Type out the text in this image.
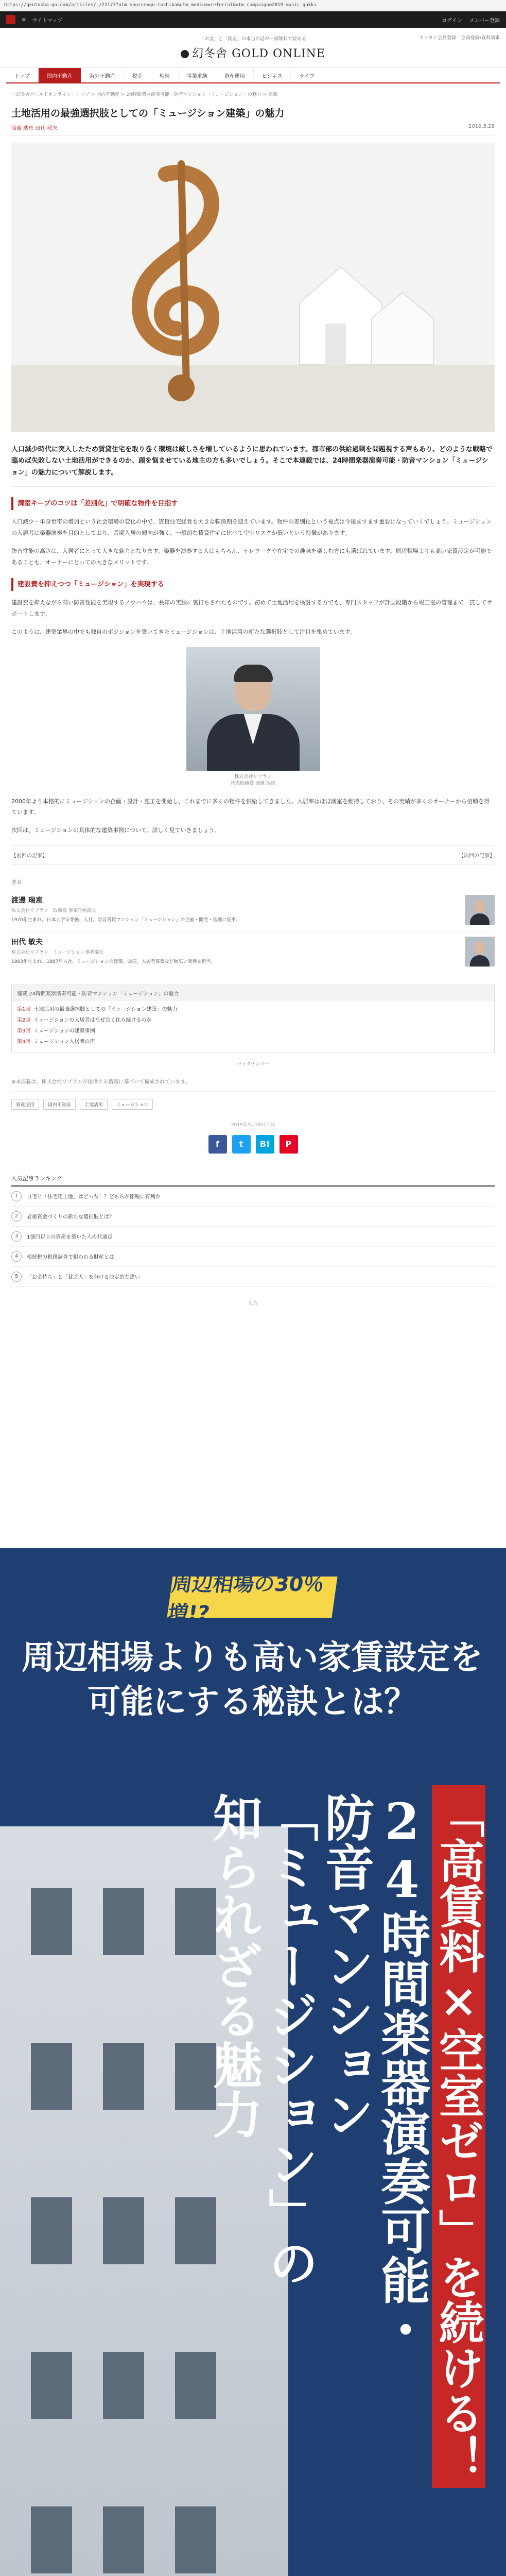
https://gentosha-go.com/articles/-/22177?utm_source=go-toshiba&utm_medium=referral&utm_campaign=2019_music_gakki
≡ サイトマップ	ログイン メンバー登録
「お金」と「資産」の本当の話が一部無料で読める
幻冬舎 GOLD ONLINE
カンタン会員登録 会員登録/資料請求
トップ	国内不動産	海外不動産	税金	相続	事業承継	資産運用	ビジネス	ライフ
「幻冬舎ゴールドオンライン」トップ > 国内不動産 > 24時間楽器演奏可能・防音マンション「ミュージション」の魅力 > 連載
土地活用の最強選択肢としての「ミュージション建築」の魅力
渡邊 瑞恵 田代 敏夫	2019.5.28
人口減少時代に突入したため賃貸住宅を取り巻く環境は厳しさを増しているように思われています。都市部の供給過剰を問題視する声もあり、どのような戦略で臨めば失敗しない土地活用ができるのか、頭を悩ませている地主の方も多いでしょう。そこで本連載では、24時間楽器演奏可能・防音マンション「ミュージション」の魅力について解説します。
満室キープのコツは「差別化」で明確な物件を目指す

人口減少・単身世帯の増加という社会環境の変化の中で、賃貸住宅経営も大きな転換期を迎えています。物件の差別化という視点は今後ますます重要になっていくでしょう。ミュージションの入居者は楽器演奏を目的としており、長期入居の傾向が強く、一般的な賃貸住宅に比べて空室リスクが低いという特徴があります。

防音性能の高さは、入居者にとって大きな魅力となります。楽器を演奏する人はもちろん、テレワークや在宅での趣味を楽しむ方にも選ばれています。周辺相場よりも高い家賃設定が可能であることも、オーナーにとっての大きなメリットです。

建設費を抑えつつ「ミュージション」を実現する

建設費を抑えながら高い防音性能を実現するノウハウは、長年の実績に裏打ちされたものです。初めて土地活用を検討する方でも、専門スタッフが計画段階から竣工後の管理まで一貫してサポートします。

このように、建築業界の中でも独自のポジションを築いてきたミュージションは、土地活用の新たな選択肢として注目を集めています。

株式会社リブラン
代表取締役 渡邊 瑞恵

2000年より本格的にミュージションの企画・設計・施工を開始し、これまでに多くの物件を供給してきました。入居率はほぼ満室を維持しており、その実績が多くのオーナーから信頼を得ています。

次回は、ミュージションの具体的な建築事例について、詳しく見ていきましょう。

【前回の記事】	【次回の記事】
著者
渡邊 瑞恵
株式会社リブラン　取締役 事業企画部長
1970年生まれ。日本大学卒業後、入社。防音賃貸マンション「ミュージション」の企画・開発・管理に従事。
田代 敏夫
株式会社リブラン　ミュージション事業部長
1963年生まれ。1987年入社。ミュージションの建築、販売、入居者募集など幅広い業務を担当。
連載 24時間楽器演奏可能・防音マンション「ミュージション」の魅力
第1回 土地活用の最強選択肢としての「ミュージション建築」の魅力
第2回 ミュージションの入居者はなぜ長く住み続けるのか
第3回 ミュージションの建築事例
第4回 ミュージション入居者の声
バックナンバー
※本連載は、株式会社リブランが提供する情報に基づいて構成されています。
資産運用	国内不動産	土地活用	ミュージション
2019年5月28日公開
f	t	B!	P
人気記事ランキング
1	自宅と「住宅用土地」はどっち！？どちらが節税に有利か
2	老後資金づくりの新たな選択肢とは？
3	1億円以上の資産を築いた人の共通点
4	相続税の税務調査で狙われる財産とは
5	「お金持ち」と「貧乏人」を分ける決定的な違い
広告
周辺相場の30％増!?
周辺相場よりも高い家賃設定を可能にする秘訣とは？
「高賃料×空室ゼロ」を続ける！
24時間楽器演奏可能・
防音マンション
「ミュージション」の
知られざる魅力
